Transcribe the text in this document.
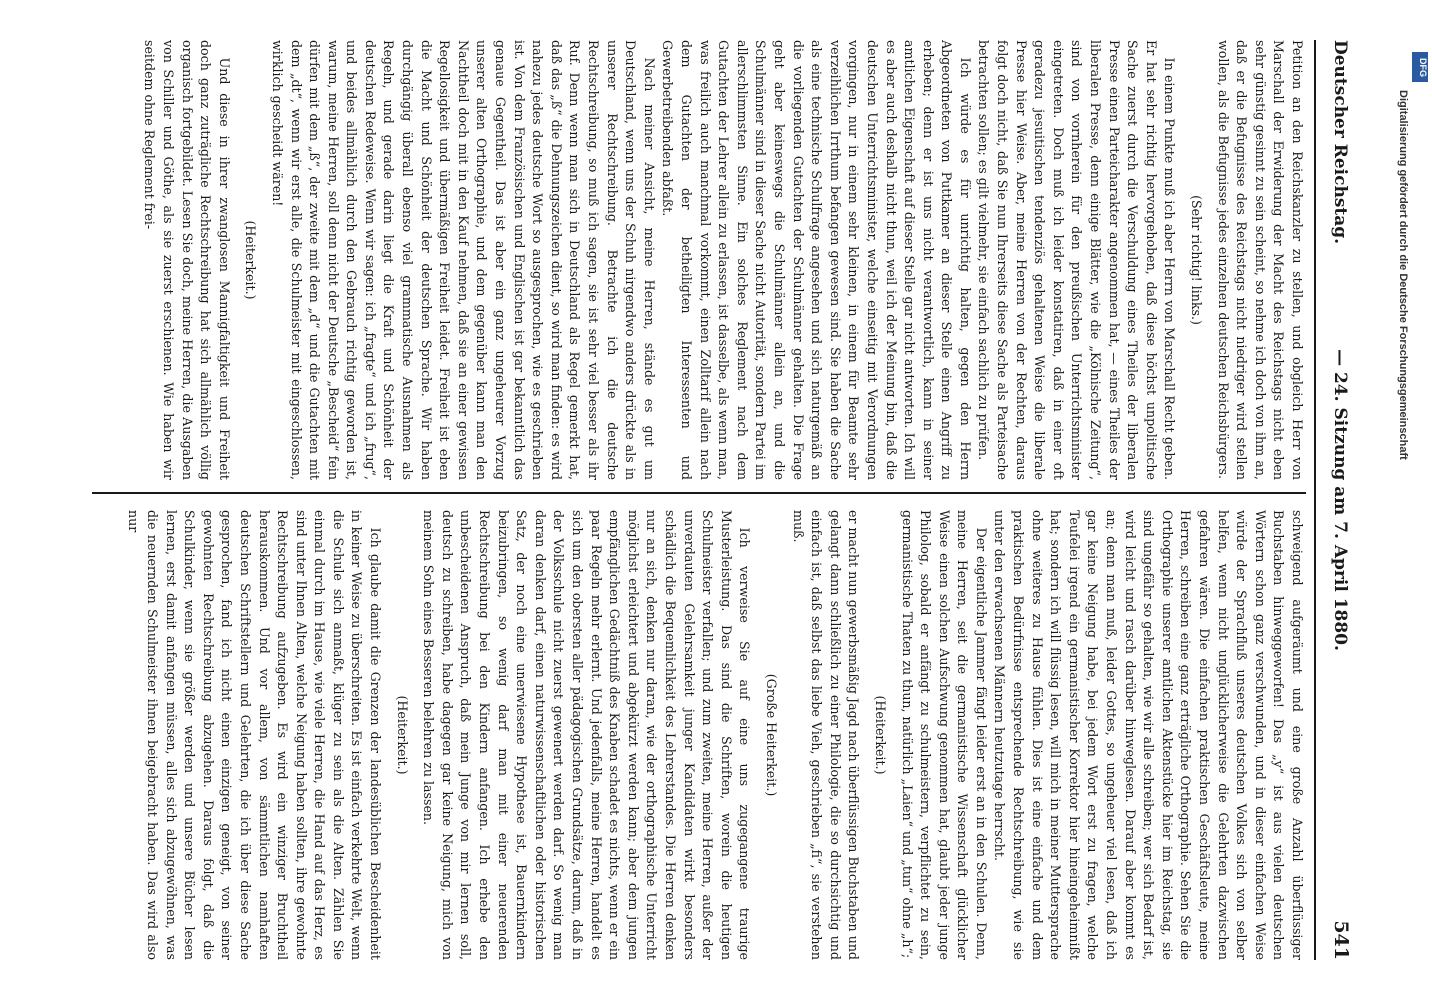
Deutscher Reichstag.
— 24. Sitzung am 7. April 1880.
541

Petition an den Reichskanzler zu stellen, und obgleich Herr von Marschall der Erwiderung der Macht des Reichstags nicht eben sehr günstig gesinnt zu sein scheint, so nehme ich doch von ihm an, daß er die Befugnisse des Reichstags nicht niedriger wird stellen wollen, als die Befugnisse jedes einzelnen deutschen Reichsbürgers.

(Sehr richtig! links.)

In einem Punkte muß ich aber Herrn von Marschall Recht geben. Er hat sehr richtig hervorgehoben, daß diese höchst unpolitische Sache zuerst durch die Verschuldung eines Theiles der liberalen Presse einen Parteicharakter angenommen hat, — eines Theiles der liberalen Presse, denn einige Blätter, wie die „Kölnische Zeitung“, sind von vornherein für den preußischen Unterrichtsminister eingetreten. Doch muß ich leider konstatiren, daß in einer oft geradezu jesuitischen tendenziös gehaltenen Weise die liberale Presse hier Weise. Aber, meine Herren von der Rechten, daraus folgt doch nicht, daß Sie nun Ihrerseits diese Sache als Parteisache betrachten sollen; es gilt vielmehr, sie einfach sachlich zu prüfen.

Ich würde es für unrichtig halten, gegen den Herrn Abgeordneten von Puttkamer an dieser Stelle einen Angriff zu erheben; denn er ist uns nicht verantwortlich, kann in seiner amtlichen Eigenschaft auf dieser Stelle gar nicht antworten. Ich will es aber auch deshalb nicht thun, weil ich der Meinung bin, daß die deutschen Unterrichtsminister, welche einseitig mit Verordnungen vorgingen, nur in einem sehr kleinen, in einem für Beamte sehr verzeihlichen Irrthum befangen gewesen sind. Sie haben die Sache als eine technische Schulfrage angesehen und sich naturgemäß an die vorliegenden Gutachten der Schulmänner gehalten. Die Frage geht aber keineswegs die Schulmänner allein an, und die Schulmänner sind in dieser Sache nicht Autorität, sondern Partei im allerschlimmsten Sinne. Ein solches Reglement nach dem Gutachten der Lehrer allein zu erlassen, ist dasselbe, als wenn man, was freilich auch manchmal vorkommt, einen Zolltarif allein nach dem Gutachten der betheiligten Interessenten und Gewerbetreibenden abfaßt.

Nach meiner Ansicht, meine Herren, stände es gut um Deutschland, wenn uns der Schuh nirgendwo anders drückte als in unserer Rechtschreibung. Betrachte ich die deutsche Rechtschreibung, so muß ich sagen, sie ist sehr viel besser als ihr Ruf. Denn wenn man sich in Deutschland als Regel gemerkt hat, daß das „ß“ die Dehnungszeichen dient, so wird man finden: es wird nahezu jedes deutsche Wort so ausgesprochen, wie es geschrieben ist. Von dem Französischen und Englischen ist gar bekanntlich das genaue Gegentheil. Das ist aber ein ganz ungeheurer Vorzug unserer alten Orthographie, und dem gegenüber kann man den Nachtheil doch mit in den Kauf nehmen, daß sie an einer gewissen Regellosigkeit und übermäßigen Freiheit leidet. Freiheit ist eben die Macht und Schönheit der deutschen Sprache. Wir haben durchgängig überall ebenso viel grammatische Ausnahmen als Regeln, und gerade darin liegt die Kraft und Schönheit der deutschen Redeweise. Wenn wir sagen: ich „fragte“ und ich „frug“, und beides allmählich durch den Gebrauch richtig geworden ist, warum, meine Herren, soll denn nicht der Deutsche „Bescheid“ fein dürfen mit dem „ß“, der zweite mit dem „d“ und die Gutachten mit dem „dt“, wenn wir erst alle, die Schulmeister mit eingeschlossen, wirklich gescheidt wären!

(Heiterkeit.)

Und diese in ihrer zwanglosen Mannigfaltigkeit und Freiheit doch ganz zuträgliche Rechtschreibung hat sich allmählich völlig organisch fortgebildet. Lesen Sie doch, meine Herren, die Ausgaben von Schiller und Göthe, als sie zuerst erschienen. Wie haben wir seitdem ohne Reglement frei-

schweigend aufgeräumt und eine große Anzahl überflüssiger Buchstaben hinweggeworfen! Das „y“ ist aus vielen deutschen Wörtern schon ganz verschwunden, und in dieser einfachen Weise würde der Sprachfluß unseres deutschen Volkes sich von selber helfen, wenn nicht unglücklicherweise die Gelehrten dazwischen gefahren wären. Die einfachen praktischen Geschäftsleute, meine Herren, schreiben eine ganz erträgliche Orthographie. Sehen Sie die Orthographie unserer amtlichen Aktenstücke hier im Reichstag, sie sind ungefähr so gehalten, wie wir alle schreiben; wer sich Bedarf ist, wird leicht und rasch darüber hinweglesen. Darauf aber kommt es an; denn man muß, leider Gottes, so ungeheuer viel lesen, daß ich gar keine Neigung habe, bei jedem Wort erst zu fragen, welche Teufelei irgend ein germanistischer Korrektor hier hineingeheimnißt hat; sondern ich will flüssig lesen, will mich in meiner Muttersprache ohne weiteres zu Hause fühlen. Dies ist eine einfache und dem praktischen Bedürfnisse entsprechende Rechtschreibung, wie sie unter den erwachsenen Männern heutzutage herrscht.

Der eigentliche Jammer fängt leider erst an in den Schulen. Denn, meine Herren, seit die germanistische Wissenschaft glücklicher Weise einen solchen Aufschwung genommen hat, glaubt jeder junge Philolog, sobald er anfängt zu schulmeistern, verpflichtet zu sein, germanistische Thaten zu thun, natürlich „Laien“ und „tun“ ohne „h“;

(Heiterkeit.)

er macht nun gewerbsmäßig Jagd nach überflüssigen Buchstaben und gelangt dann schließlich zu einer Philologie, die so durchsichtig und einfach ist, daß selbst das liebe Vieh, geschrieben „fi“, sie verstehen muß.

(Große Heiterkeit.)

Ich verweise Sie auf eine uns zugegangene traurige Musterleistung. Das sind die Schriften, worein die heutigen Schulmeister verfallen; und zum zweiten, meine Herren, außer der unverdauten Gelehrsamkeit junger Kandidaten wirkt besonders schädlich die Bequemlichkeit des Lehrerstandes. Die Herren denken nur an sich, denken nur daran, wie der orthographische Unterricht möglichst erleichtert und abgekürzt werden kann; aber dem jungen empfänglichen Gedächtniß des Knaben schadet es nichts, wenn er ein paar Regeln mehr erlernt. Und jedenfalls, meine Herren, handelt es sich um den obersten aller pädagogischen Grundsätze, darum, daß in der Volksschule nicht zuerst gewenert werden darf. So wenig man daran denken darf, einen naturwissenschaftlichen oder historischen Satz, der noch eine unerwiesene Hypothese ist, Bauernkindern beizubringen, so wenig darf man mit einer neuerenden Rechtschreibung bei den Kindern anfangen. Ich erhebe den unbescheidenen Anspruch, daß mein Junge von mir lernen soll, deutsch zu schreiben, habe dagegen gar keine Neigung, mich von meinem Sohn eines Besseren belehren zu lassen.

(Heiterkeit.)

Ich glaube damit die Grenzen der landesüblichen Bescheidenheit in keiner Weise zu überschreiten. Es ist einfach verkehrte Welt, wenn die Schule sich anmaßt, klüger zu sein als die Alten. Zählen Sie einmal durch im Hause, wie viele Herren, die Hand auf das Herz, es sind unter Ihnen Alten, welche Neigung haben sollten, ihre gewohnte Rechtschreibung aufzugeben. Es wird ein winziger Bruchtheil herauskommen. Und vor allem, von sämmtlichen namhaften deutschen Schriftstellern und Gelehrten, die ich über diese Sache gesprochen, fand ich nicht einen einzigen geneigt, von seiner gewohnten Rechtschreibung abzugehen. Daraus folgt, daß die Schulkinder, wenn sie größer werden und unsere Bücher lesen lernen, erst damit anfangen müssen, alles sich abzugewöhnen, was die neuernden Schulmeister ihnen beigebracht haben. Das wird also nur

Digitalisierung gefördert durch die Deutsche Forschungsgemeinschaft
DFG
